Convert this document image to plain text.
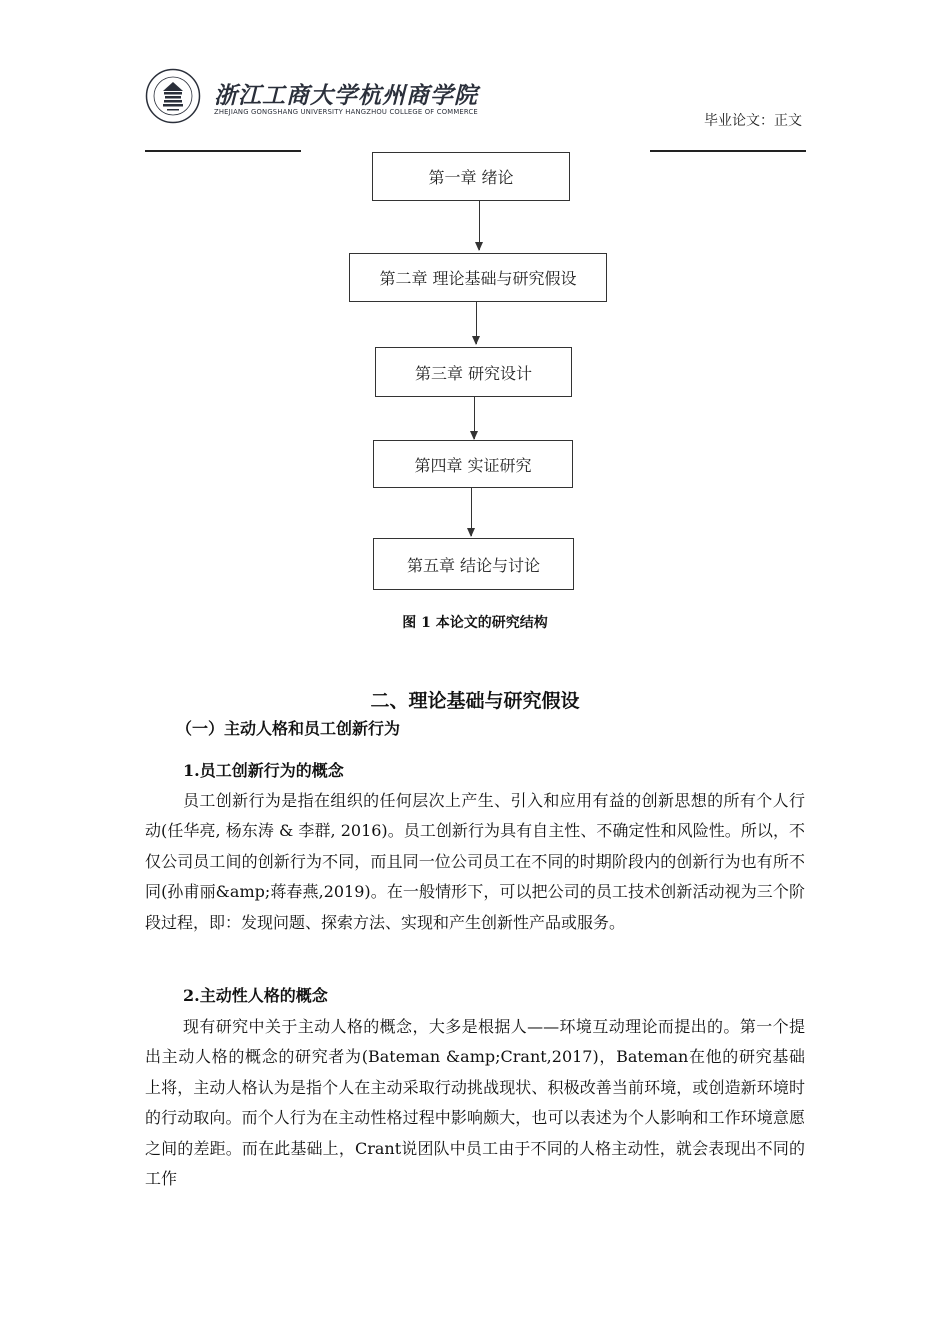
浙江工商大学杭州商学院
ZHEJIANG GONGSHANG UNIVERSITY HANGZHOU COLLEGE OF COMMERCE
毕业论文：正文
第一章 绪论
第二章 理论基础与研究假设
第三章 研究设计
第四章 实证研究
第五章 结论与讨论
图 1 本论文的研究结构
二、理论基础与研究假设
（一）主动人格和员工创新行为
1.员工创新行为的概念

员工创新行为是指在组织的任何层次上产生、引入和应用有益的创新思想的所有个人行动(任华亮, 杨东涛 & 李群, 2016)。员工创新行为具有自主性、不确定性和风险性。所以，不仅公司员工间的创新行为不同，而且同一位公司员工在不同的时期阶段内的创新行为也有所不同(孙甫丽&amp;蒋春燕,2019)。在一般情形下，可以把公司的员工技术创新活动视为三个阶段过程，即：发现问题、探索方法、实现和产生创新性产品或服务。

2.主动性人格的概念

现有研究中关于主动人格的概念，大多是根据人——环境互动理论而提出的。第一个提出主动人格的概念的研究者为(Bateman &amp;Crant,2017)，Bateman在他的研究基础上将，主动人格认为是指个人在主动采取行动挑战现状、积极改善当前环境，或创造新环境时的行动取向。而个人行为在主动性格过程中影响颇大，也可以表述为个人影响和工作环境意愿之间的差距。而在此基础上，Crant说团队中员工由于不同的人格主动性，就会表现出不同的工作
